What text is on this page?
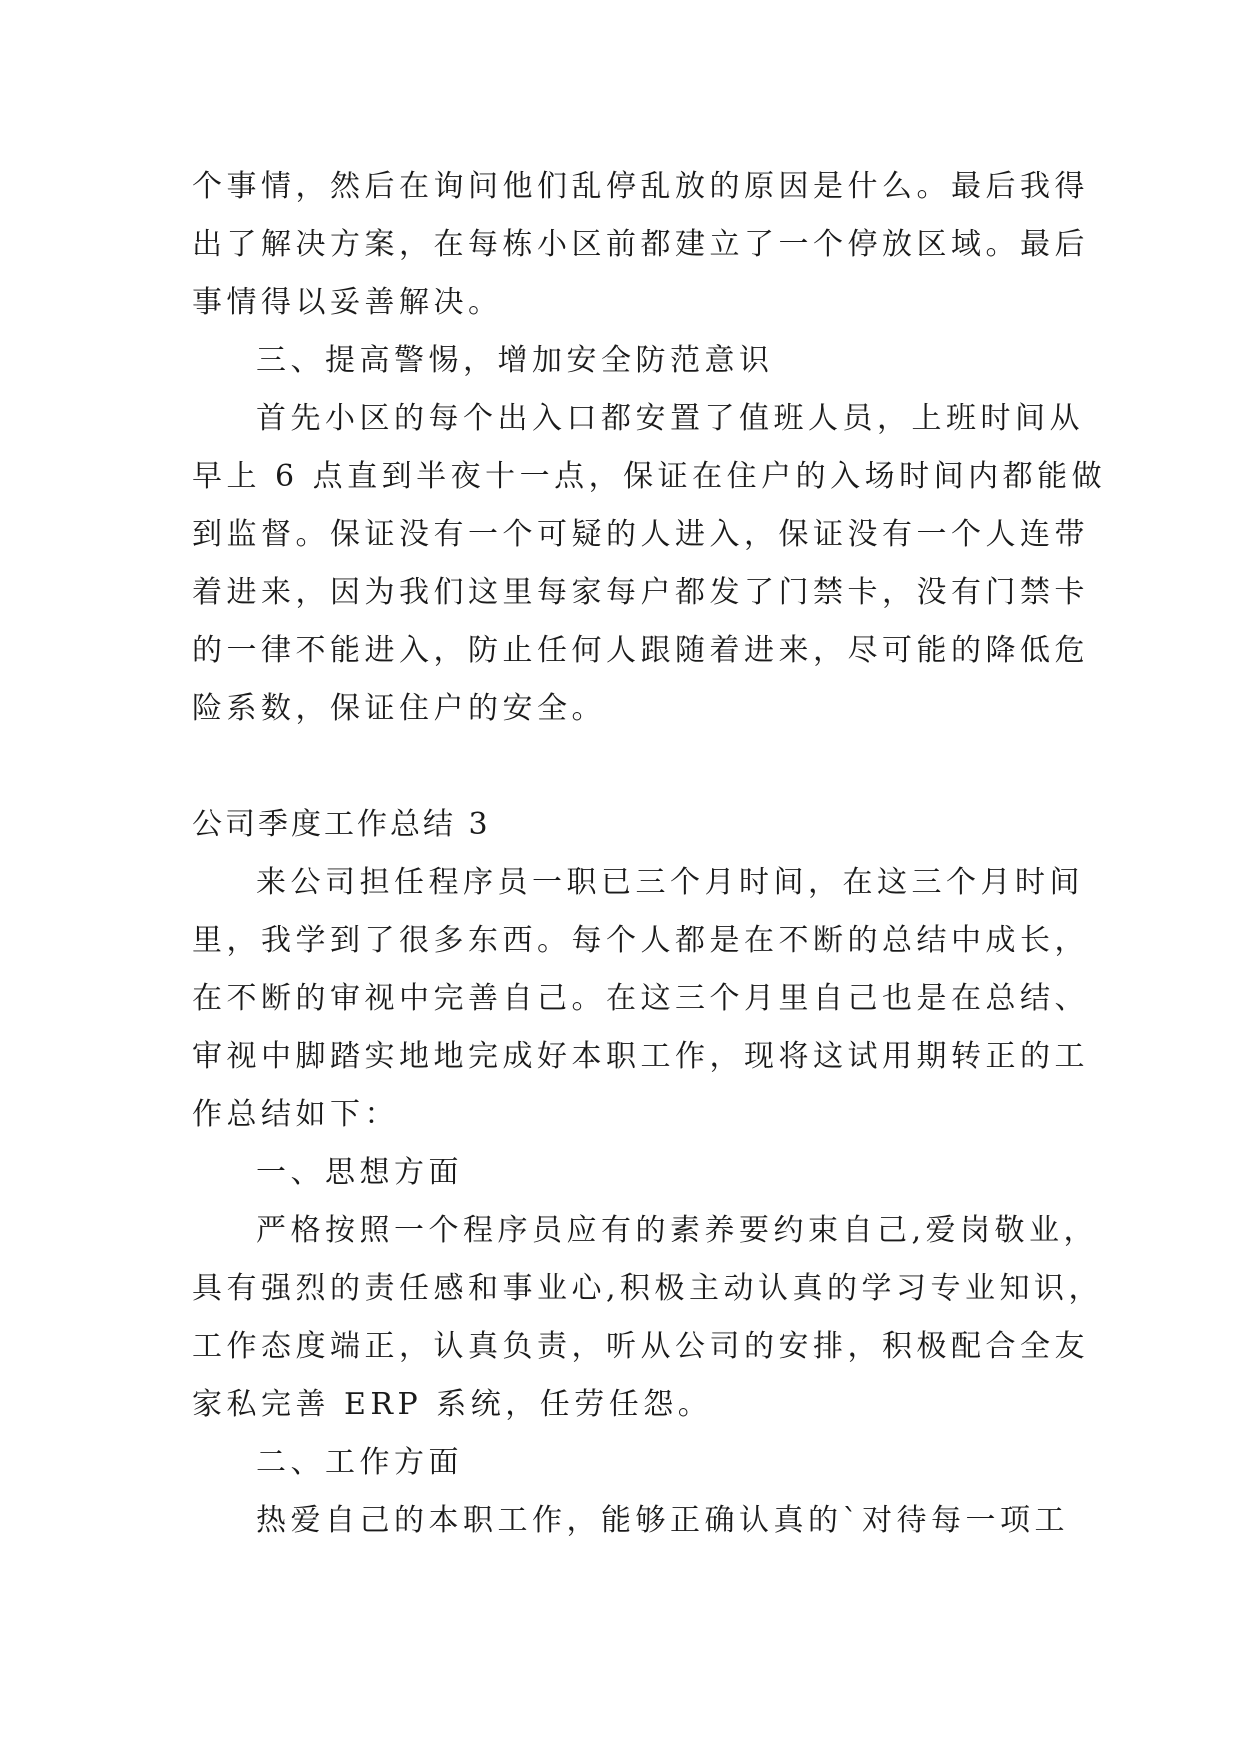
个事情，然后在询问他们乱停乱放的原因是什么。最后我得
出了解决方案，在每栋小区前都建立了一个停放区域。最后
事情得以妥善解决。
三、提高警惕，增加安全防范意识
首先小区的每个出入口都安置了值班人员，上班时间从
早上 6 点直到半夜十一点，保证在住户的入场时间内都能做
到监督。保证没有一个可疑的人进入，保证没有一个人连带
着进来，因为我们这里每家每户都发了门禁卡，没有门禁卡
的一律不能进入，防止任何人跟随着进来，尽可能的降低危
险系数，保证住户的安全。
公司季度工作总结 3
来公司担任程序员一职已三个月时间，在这三个月时间
里，我学到了很多东西。每个人都是在不断的总结中成长，
在不断的审视中完善自己。在这三个月里自己也是在总结、
审视中脚踏实地地完成好本职工作，现将这试用期转正的工
作总结如下：
一、思想方面
严格按照一个程序员应有的素养要约束自己,爱岗敬业，
具有强烈的责任感和事业心,积极主动认真的学习专业知识，
工作态度端正，认真负责，听从公司的安排，积极配合全友
家私完善 ERP 系统，任劳任怨。
二、工作方面
热爱自己的本职工作，能够正确认真的`对待每一项工
